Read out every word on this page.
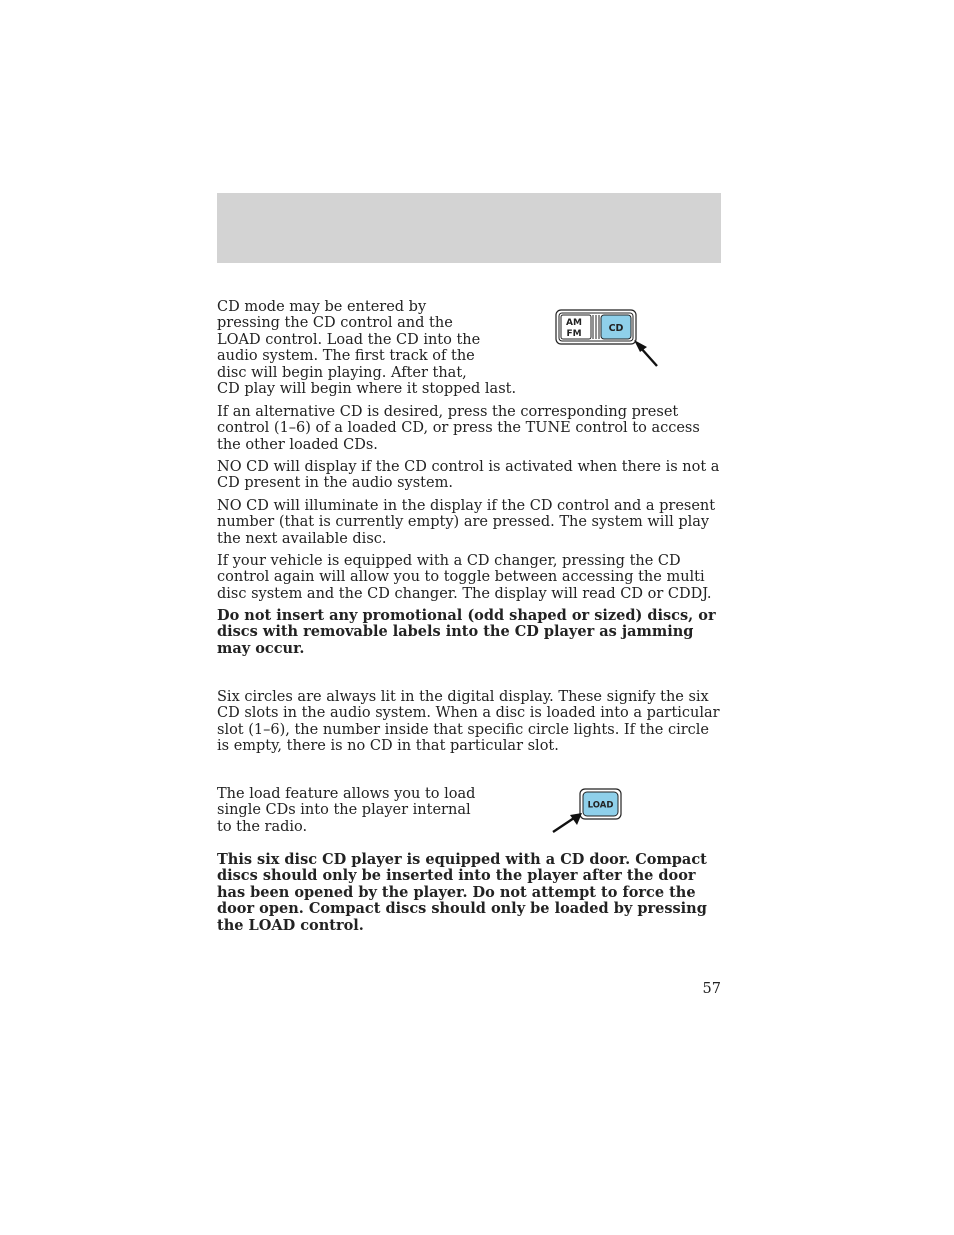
CD mode may be entered by
pressing the CD control and the
LOAD control. Load the CD into the
audio system. The first track of the
disc will begin playing. After that,
CD play will begin where it stopped last.

AM
FM	CD

If an alternative CD is desired, press the corresponding preset control (1–6) of a loaded CD, or press the TUNE control to access the other loaded CDs.

NO CD will display if the CD control is activated when there is not a CD present in the audio system.

NO CD will illuminate in the display if the CD control and a present number (that is currently empty) are pressed. The system will play the next available disc.

If your vehicle is equipped with a CD changer, pressing the CD control again will allow you to toggle between accessing the multi disc system and the CD changer. The display will read CD or CDDJ.

Do not insert any promotional (odd shaped or sized) discs, or discs with removable labels into the CD player as jamming may occur.

Six circles are always lit in the digital display. These signify the six CD slots in the audio system. When a disc is loaded into a particular slot (1–6), the number inside that specific circle lights. If the circle is empty, there is no CD in that particular slot.

The load feature allows you to load
single CDs into the player internal
to the radio.

LOAD

This six disc CD player is equipped with a CD door. Compact discs should only be inserted into the player after the door has been opened by the player. Do not attempt to force the door open. Compact discs should only be loaded by pressing the LOAD control.

57
